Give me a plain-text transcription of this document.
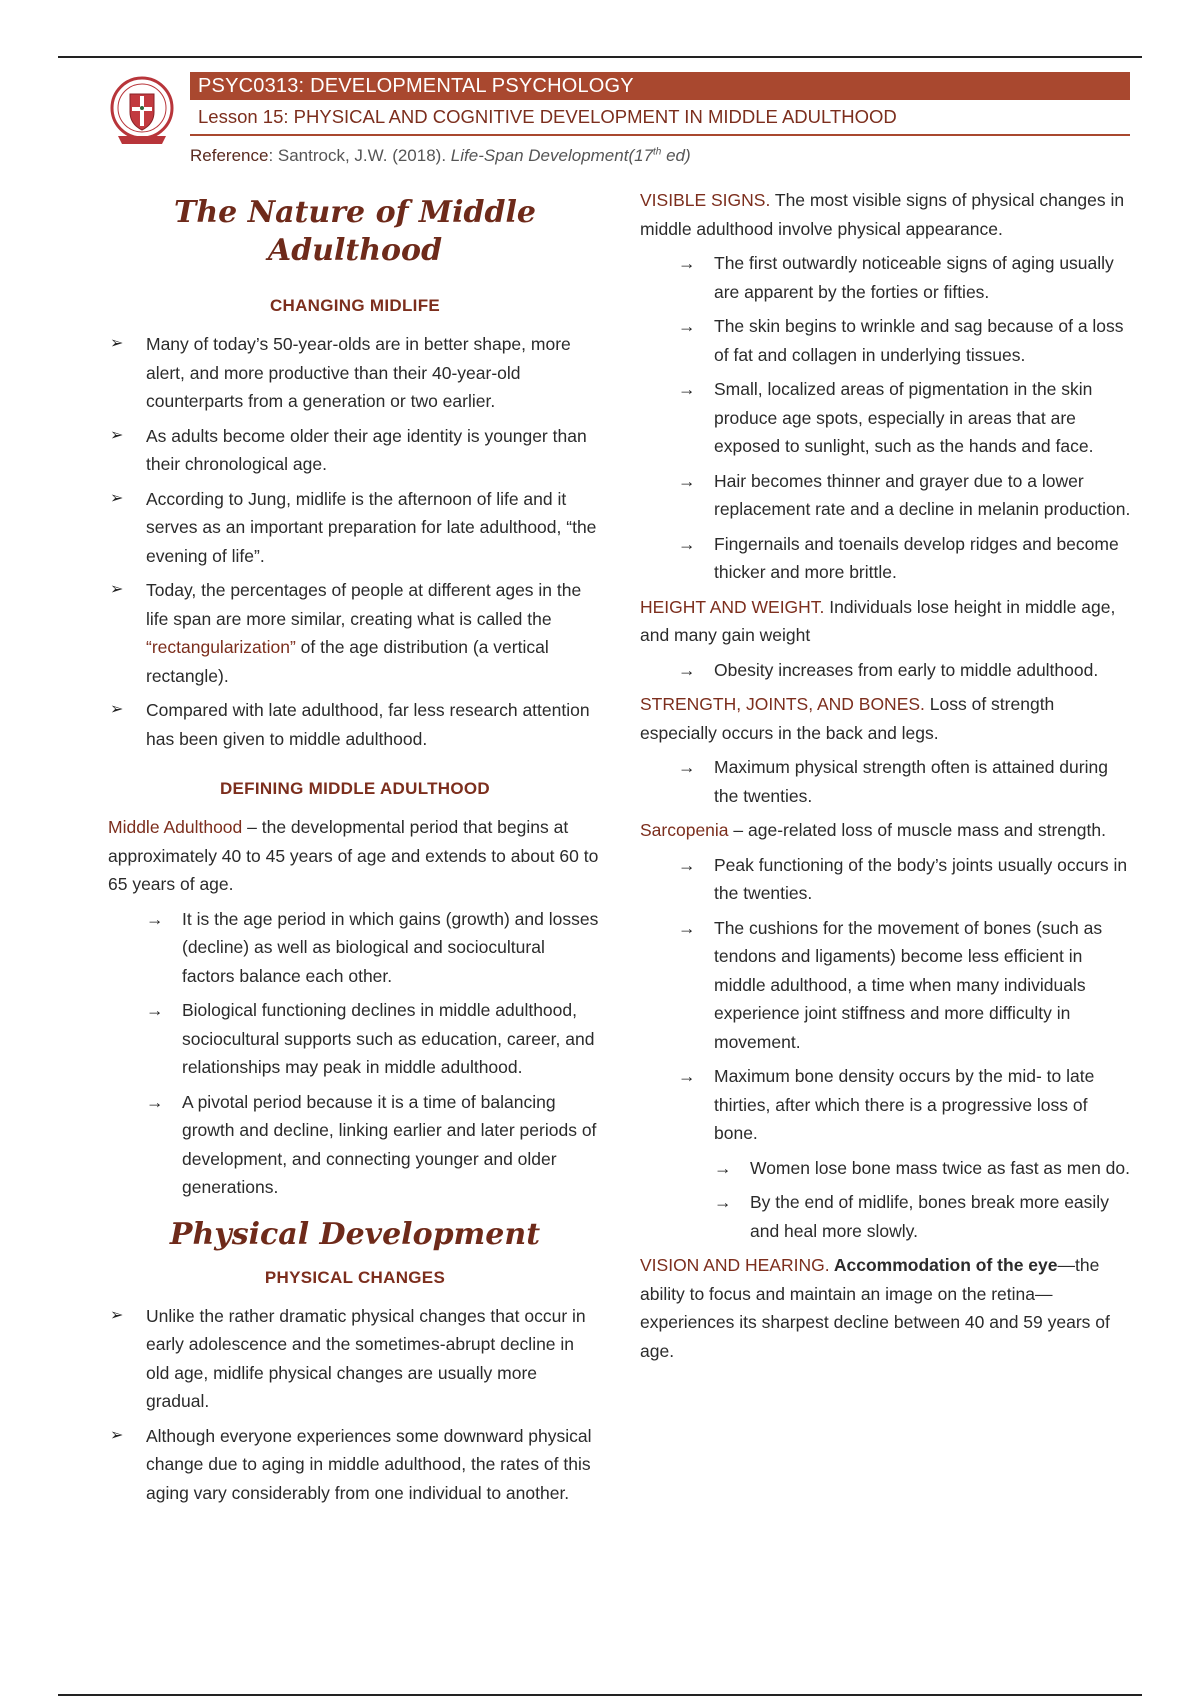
PSYC0313: DEVELOPMENTAL PSYCHOLOGY
Lesson 15: PHYSICAL AND COGNITIVE DEVELOPMENT IN MIDDLE ADULTHOOD
Reference: Santrock, J.W. (2018). Life-Span Development(17th ed)
The Nature of Middle Adulthood
CHANGING MIDLIFE
➢ Many of today’s 50-year-olds are in better shape, more alert, and more productive than their 40-year-old counterparts from a generation or two earlier.
➢ As adults become older their age identity is younger than their chronological age.
➢ According to Jung, midlife is the afternoon of life and it serves as an important preparation for late adulthood, “the evening of life”.
➢ Today, the percentages of people at different ages in the life span are more similar, creating what is called the “rectangularization” of the age distribution (a vertical rectangle).
➢ Compared with late adulthood, far less research attention has been given to middle adulthood.
DEFINING MIDDLE ADULTHOOD

Middle Adulthood – the developmental period that begins at approximately 40 to 45 years of age and extends to about 60 to 65 years of age.

→ It is the age period in which gains (growth) and losses (decline) as well as biological and sociocultural factors balance each other.
→ Biological functioning declines in middle adulthood, sociocultural supports such as education, career, and relationships may peak in middle adulthood.
→ A pivotal period because it is a time of balancing growth and decline, linking earlier and later periods of development, and connecting younger and older generations.
Physical Development
PHYSICAL CHANGES
➢ Unlike the rather dramatic physical changes that occur in early adolescence and the sometimes-abrupt decline in old age, midlife physical changes are usually more gradual.
➢ Although everyone experiences some downward physical change due to aging in middle adulthood, the rates of this aging vary considerably from one individual to another.

VISIBLE SIGNS. The most visible signs of physical changes in middle adulthood involve physical appearance.

→ The first outwardly noticeable signs of aging usually are apparent by the forties or fifties.
→ The skin begins to wrinkle and sag because of a loss of fat and collagen in underlying tissues.
→ Small, localized areas of pigmentation in the skin produce age spots, especially in areas that are exposed to sunlight, such as the hands and face.
→ Hair becomes thinner and grayer due to a lower replacement rate and a decline in melanin production.
→ Fingernails and toenails develop ridges and become thicker and more brittle.

HEIGHT AND WEIGHT. Individuals lose height in middle age, and many gain weight

→ Obesity increases from early to middle adulthood.

STRENGTH, JOINTS, AND BONES. Loss of strength especially occurs in the back and legs.

→ Maximum physical strength often is attained during the twenties.

Sarcopenia – age-related loss of muscle mass and strength.

→ Peak functioning of the body’s joints usually occurs in the twenties.
→ The cushions for the movement of bones (such as tendons and ligaments) become less efficient in middle adulthood, a time when many individuals experience joint stiffness and more difficulty in movement.
→ Maximum bone density occurs by the mid- to late thirties, after which there is a progressive loss of bone.
→ Women lose bone mass twice as fast as men do.
→ By the end of midlife, bones break more easily and heal more slowly.

VISION AND HEARING. Accommodation of the eye—the ability to focus and maintain an image on the retina—experiences its sharpest decline between 40 and 59 years of age.
